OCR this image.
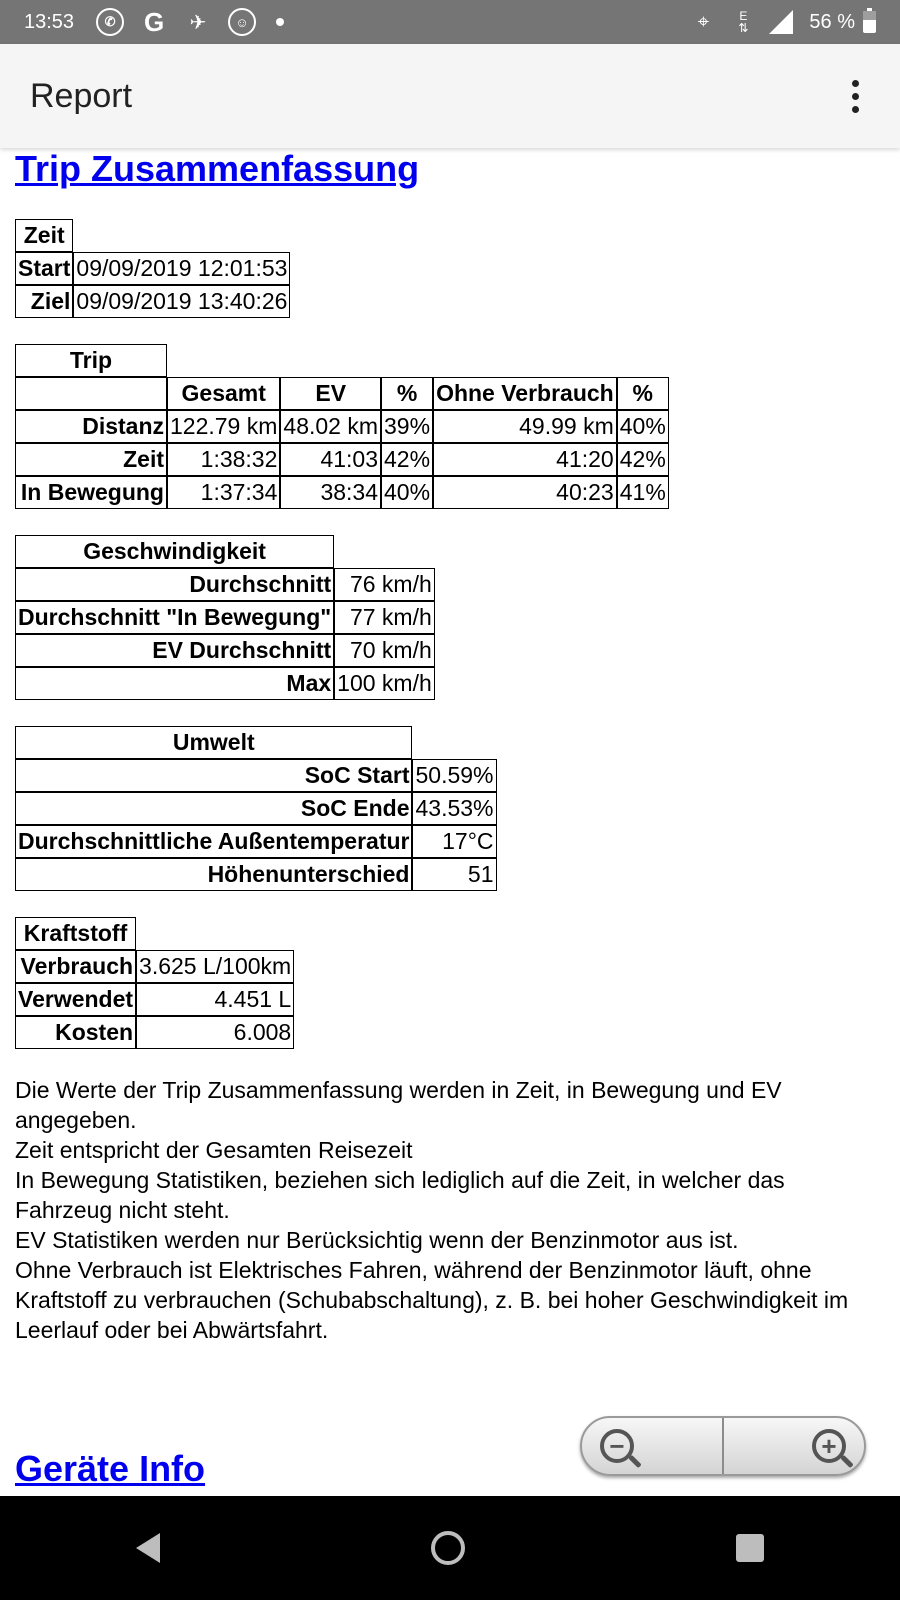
13:53	✆	G ✈	☺	⌖	E
⇅	56 %
Report
Trip Zusammenfassung
Zeit	
Start	09/09/2019 12:01:53
Ziel	09/09/2019 13:40:26
Trip					
	Gesamt	EV	%	Ohne Verbrauch	%
Distanz	122.79 km	48.02 km	39%	49.99 km	40%
Zeit	1:38:32	41:03	42%	41:20	42%
In Bewegung	1:37:34	38:34	40%	40:23	41%
Geschwindigkeit	
Durchschnitt	76 km/h
Durchschnitt "In Bewegung"	77 km/h
EV Durchschnitt	70 km/h
Max	100 km/h
Umwelt	
SoC Start	50.59%
SoC Ende	43.53%
Durchschnittliche Außentemperatur	17°C
Höhenunterschied	51
Kraftstoff	
Verbrauch	3.625 L/100km
Verwendet	4.451 L
Kosten	6.008

Die Werte der Trip Zusammenfassung werden in Zeit, in Bewegung und EV angegeben.

Zeit entspricht der Gesamten Reisezeit

In Bewegung Statistiken, beziehen sich lediglich auf die Zeit, in welcher das Fahrzeug nicht steht.

EV Statistiken werden nur Berücksichtig wenn der Benzinmotor aus ist.

Ohne Verbrauch ist Elektrisches Fahren, während der Benzinmotor läuft, ohne Kraftstoff zu verbrauchen (Schubabschaltung), z. B. bei hoher Geschwindigkeit im Leerlauf oder bei Abwärtsfahrt.

Geräte Info
−	+
